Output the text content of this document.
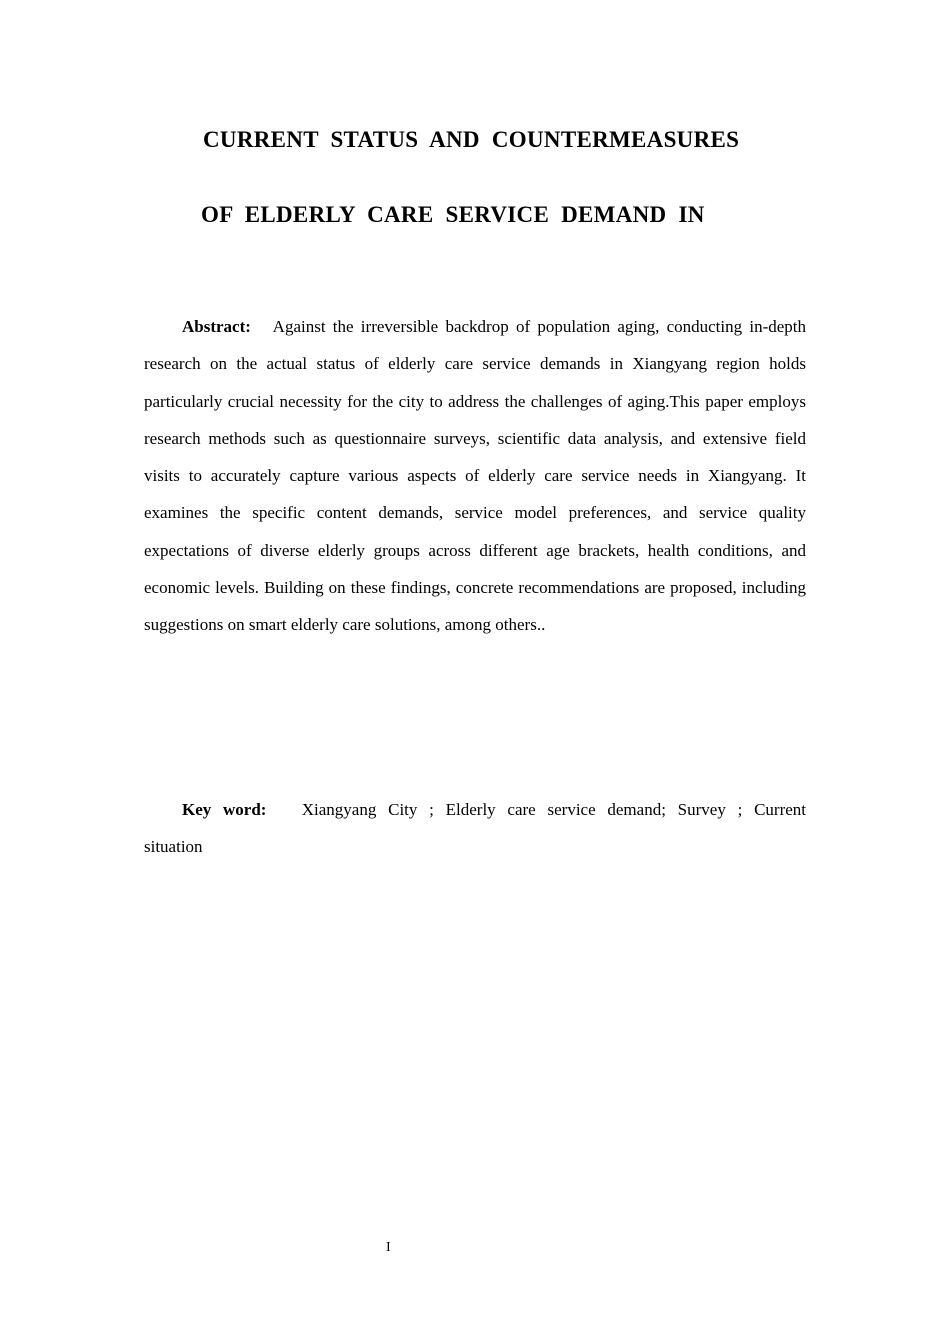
CURRENT STATUS AND COUNTERMEASURES
OF ELDERLY CARE SERVICE DEMAND IN

Abstract: Against the irreversible backdrop of population aging, conducting in-depth research on the actual status of elderly care service demands in Xiangyang region holds particularly crucial necessity for the city to address the challenges of aging.This paper employs research methods such as questionnaire surveys, scientific data analysis, and extensive field visits to accurately capture various aspects of elderly care service needs in Xiangyang. It examines the specific content demands, service model preferences, and service quality expectations of diverse elderly groups across different age brackets, health conditions, and economic levels. Building on these findings, concrete recommendations are proposed, including suggestions on smart elderly care solutions, among others..

Key word: Xiangyang City ; Elderly care service demand; Survey ; Current situation

I
